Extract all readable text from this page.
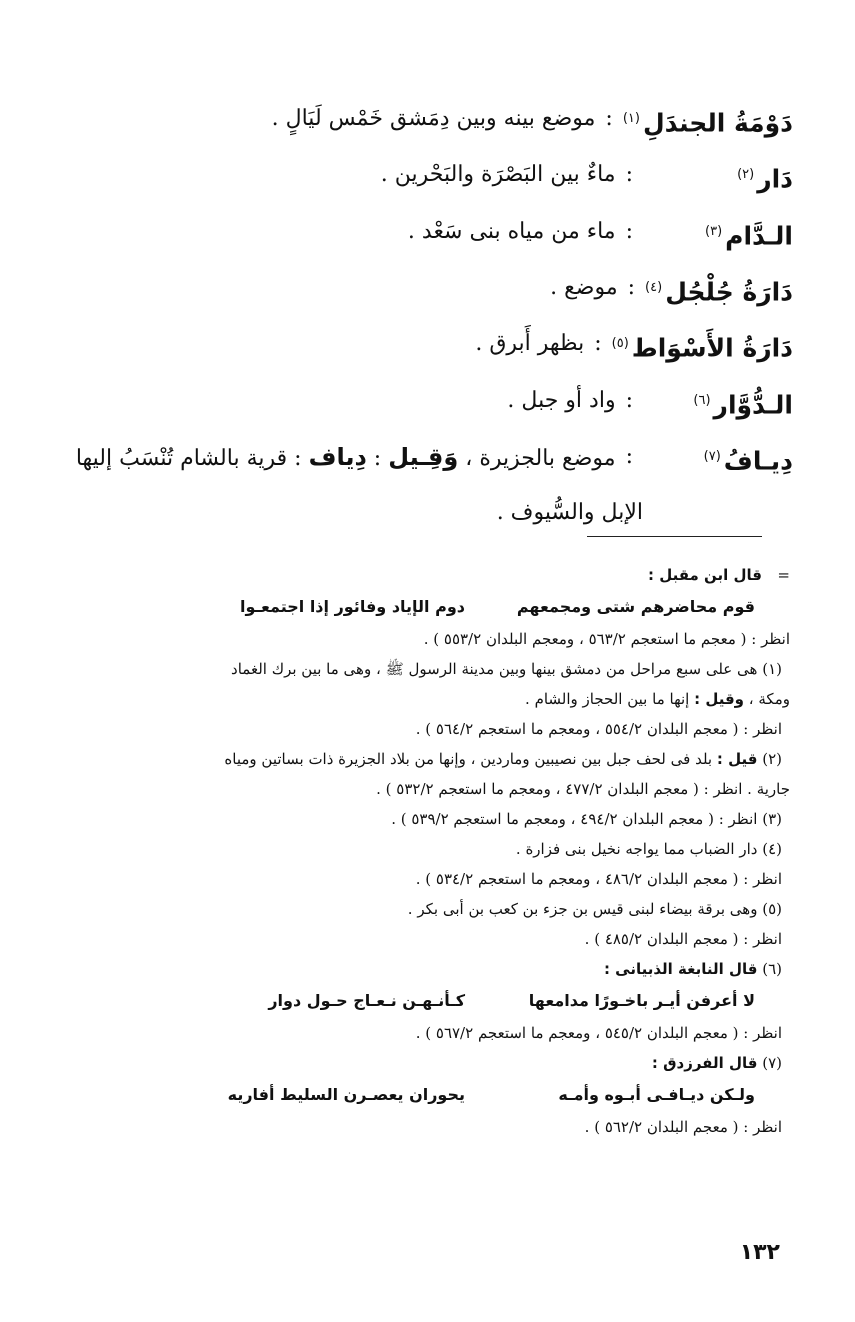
دَوْمَةُ الجندَلِ$^{(١)}$
:
موضع بينه وبين دِمَشق خَمْس لَيَالٍ .
دَار$^{(٢)}$
:
ماءٌ بين البَصْرَة والبَحْرين .
الـدَّام$^{(٣)}$
:
ماء من مياه بنى سَعْد .
دَارَةُ جُلْجُل$^{(٤)}$
:
موضع .
دَارَةُ الأَسْوَاط$^{(٥)}$
:
بظهر أَبرق .
الـدُّوَّار$^{(٦)}$
:
واد أو جبل .
دِيـافُ$^{(٧)}$
:
موضع بالجزيرة ، وَقِـيل : دِياف : قرية بالشام تُنْسَبُ إليها
الإبل والسُّيوف .
=قال ابن مقبل :
قوم محاضرهم شتى ومجمعهم
دوم الإياد وفائور إذا اجتمعـوا
انظر : ( معجم ما استعجم ٥٦٣/٢ ، ومعجم البلدان ٥٥٣/٢ ) .
(١) هى على سبع مراحل من دمشق بينها وبين مدينة الرسول ﷺ ، وهى ما بين برك الغماد
ومكة ، وقيل : إنها ما بين الحجاز والشام .
انظر : ( معجم البلدان ٥٥٤/٢ ، ومعجم ما استعجم ٥٦٤/٢ ) .
(٢) قيل : بلد فى لحف جبل بين نصيبين وماردين ، وإنها من بلاد الجزيرة ذات بساتين ومياه
جارية . انظر : ( معجم البلدان ٤٧٧/٢ ، ومعجم ما استعجم ٥٣٢/٢ ) .
(٣) انظر : ( معجم البلدان ٤٩٤/٢ ، ومعجم ما استعجم ٥٣٩/٢ ) .
(٤) دار الضباب مما يواجه نخيل بنى فزارة .
انظر : ( معجم البلدان ٤٨٦/٢ ، ومعجم ما استعجم ٥٣٤/٢ ) .
(٥) وهى برقة بيضاء لبنى قيس بن جزء بن كعب بن أبى بكر .
انظر : ( معجم البلدان ٤٨٥/٢ ) .
(٦) قال النابغة الذبيانى :
لا أعرفن أيـر باخـورًا مدامعها
كـأنـهـن نـعـاج حـول دوار
انظر : ( معجم البلدان ٥٤٥/٢ ، ومعجم ما استعجم ٥٦٧/٢ ) .
(٧) قال الفرزدق :
ولـكن ديـافـى أبـوه وأمـه
يحوران يعصـرن السليط أفاريه
انظر : ( معجم البلدان ٥٦٢/٢ ) .
١٣٢
